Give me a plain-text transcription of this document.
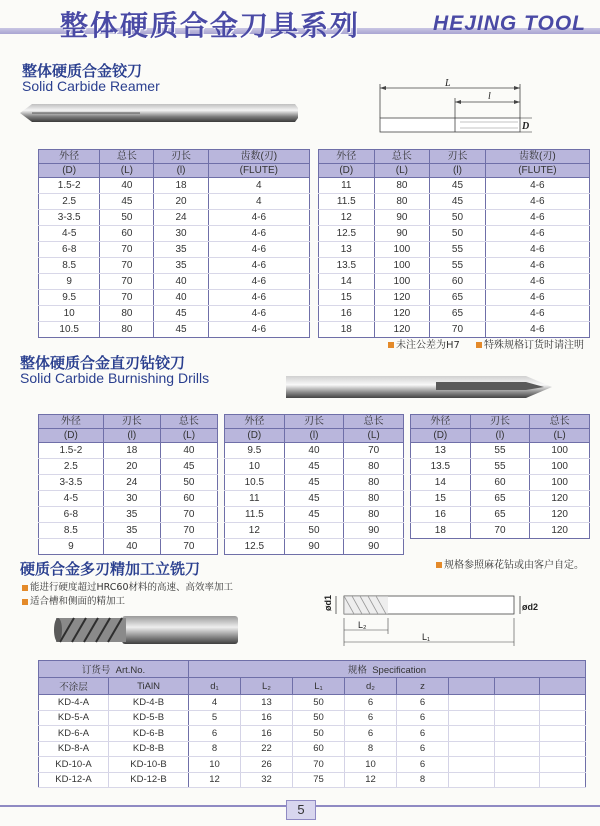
整体硬质合金刀具系列	HEJING TOOL
整体硬质合金铰刀
Solid Carbide Reamer	L
l
D
外径	总长	刃长	齿数(刃)
(D)	(L)	(l)	(FLUTE)
1.5-2	40	18	4
2.5	45	20	4
3-3.5	50	24	4-6
4-5	60	30	4-6
6-8	70	35	4-6
8.5	70	35	4-6
9	70	40	4-6
9.5	70	40	4-6
10	80	45	4-6
10.5	80	45	4-6
外径	总长	刃长	齿数(刃)
(D)	(L)	(l)	(FLUTE)
11	80	45	4-6
11.5	80	45	4-6
12	90	50	4-6
12.5	90	50	4-6
13	100	55	4-6
13.5	100	55	4-6
14	100	60	4-6
15	120	65	4-6
16	120	65	4-6
18	120	70	4-6
未注公差为H7	特殊规格订货时请注明
整体硬质合金直刃钻铰刀
Solid Carbide Burnishing Drills
外径	刃长	总长
(D)	(l)	(L)
1.5-2	18	40
2.5	20	45
3-3.5	24	50
4-5	30	60
6-8	35	70
8.5	35	70
9	40	70
外径	刃长	总长
(D)	(l)	(L)
9.5	40	70
10	45	80
10.5	45	80
11	45	80
11.5	45	80
12	50	90
12.5	90	90
外径	刃长	总长
(D)	(l)	(L)
13	55	100
13.5	55	100
14	60	100
15	65	120
16	65	120
18	70	120
规格参照麻花钻或由客户自定。
硬质合金多刃精加工立铣刀
能进行硬度超过HRC60材料的高速、高效率加工
适合槽和侧面的精加工	ød1	ød2
L₂
L₁
订货号 Art.No.		规格 Specification							
不涂层	TiAlN	d₁	L₂	L₁	d₂	z			
KD-4-A	KD-4-B	4	13	50	6	6			
KD-5-A	KD-5-B	5	16	50	6	6			
KD-6-A	KD-6-B	6	16	50	6	6			
KD-8-A	KD-8-B	8	22	60	8	6			
KD-10-A	KD-10-B	10	26	70	10	6			
KD-12-A	KD-12-B	12	32	75	12	8			
5
